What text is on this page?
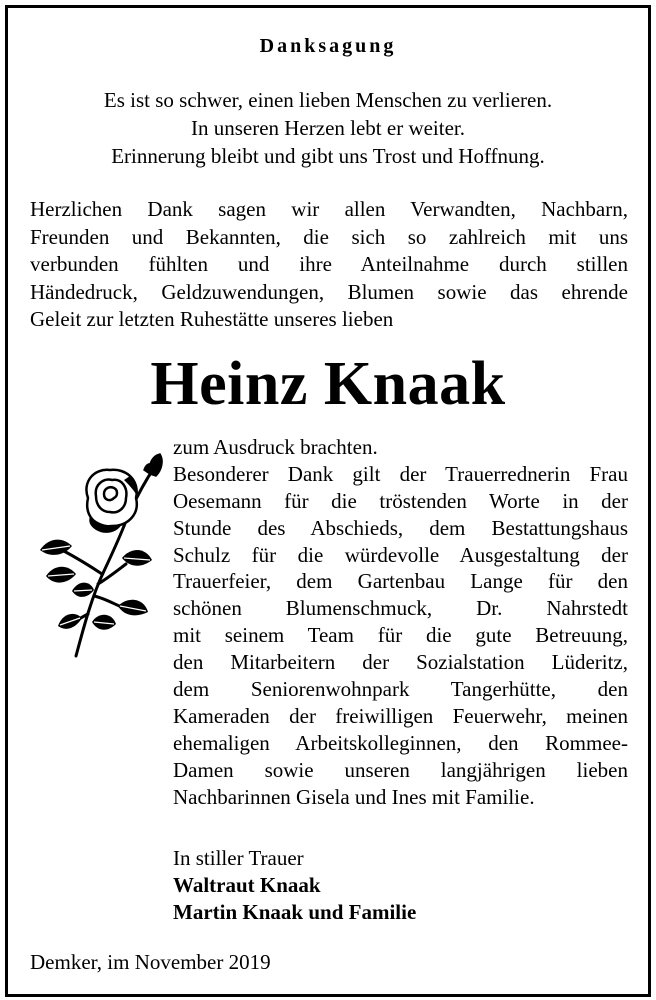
Danksagung
Es ist so schwer, einen lieben Menschen zu verlieren.
In unseren Herzen lebt er weiter.
Erinnerung bleibt und gibt uns Trost und Hoffnung.
Herzlichen Dank sagen wir allen Verwandten, Nachbarn,
Freunden und Bekannten, die sich so zahlreich mit uns
verbunden fühlten und ihre Anteilnahme durch stillen
Händedruck, Geldzuwendungen, Blumen sowie das ehrende
Geleit zur letzten Ruhestätte unseres lieben
Heinz Knaak
zum Ausdruck brachten.
Besonderer Dank gilt der Trauerrednerin Frau
Oesemann für die tröstenden Worte in der
Stunde des Abschieds, dem Bestattungshaus
Schulz für die würdevolle Ausgestaltung der
Trauerfeier, dem Gartenbau Lange für den
schönen Blumenschmuck, Dr. Nahrstedt
mit seinem Team für die gute Betreuung,
den Mitarbeitern der Sozialstation Lüderitz,
dem Seniorenwohnpark Tangerhütte, den
Kameraden der freiwilligen Feuerwehr, meinen
ehemaligen Arbeitskolleginnen, den Rommee-
Damen sowie unseren langjährigen lieben
Nachbarinnen Gisela und Ines mit Familie.
In stiller Trauer
Waltraut Knaak
Martin Knaak und Familie
Demker, im November 2019
